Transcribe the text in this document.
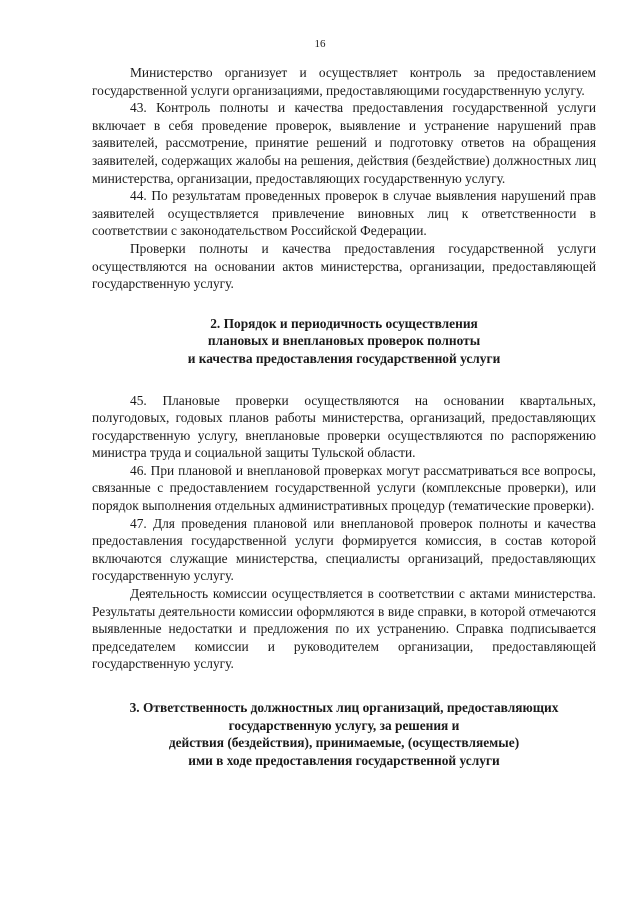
16

Министерство организует и осуществляет контроль за предоставлением государственной услуги организациями, предоставляющими государственную услугу.

43. Контроль полноты и качества предоставления государственной услуги включает в себя проведение проверок, выявление и устранение нарушений прав заявителей, рассмотрение, принятие решений и подготовку ответов на обращения заявителей, содержащих жалобы на решения, действия (бездействие) должностных лиц министерства, организации, предоставляющих государственную услугу.

44. По результатам проведенных проверок в случае выявления нарушений прав заявителей осуществляется привлечение виновных лиц к ответственности в соответствии с законодательством Российской Федерации.

Проверки полноты и качества предоставления государственной услуги осуществляются на основании актов министерства, организации, предоставляющей государственную услугу.

2. Порядок и периодичность осуществления
плановых и внеплановых проверок полноты
и качества предоставления государственной услуги

45. Плановые проверки осуществляются на основании квартальных, полугодовых, годовых планов работы министерства, организаций, предоставляющих государственную услугу, внеплановые проверки осуществляются по распоряжению министра труда и социальной защиты Тульской области.

46. При плановой и внеплановой проверках могут рассматриваться все вопросы, связанные с предоставлением государственной услуги (комплексные проверки), или порядок выполнения отдельных административных процедур (тематические проверки).

47. Для проведения плановой или внеплановой проверок полноты и качества предоставления государственной услуги формируется комиссия, в состав которой включаются служащие министерства, специалисты организаций, предоставляющих государственную услугу.

Деятельность комиссии осуществляется в соответствии с актами министерства. Результаты деятельности комиссии оформляются в виде справки, в которой отмечаются выявленные недостатки и предложения по их устранению. Справка подписывается председателем комиссии и руководителем организации, предоставляющей государственную услугу.

3. Ответственность должностных лиц организаций, предоставляющих
государственную услугу, за решения и
действия (бездействия), принимаемые, (осуществляемые)
ими в ходе предоставления государственной услуги
